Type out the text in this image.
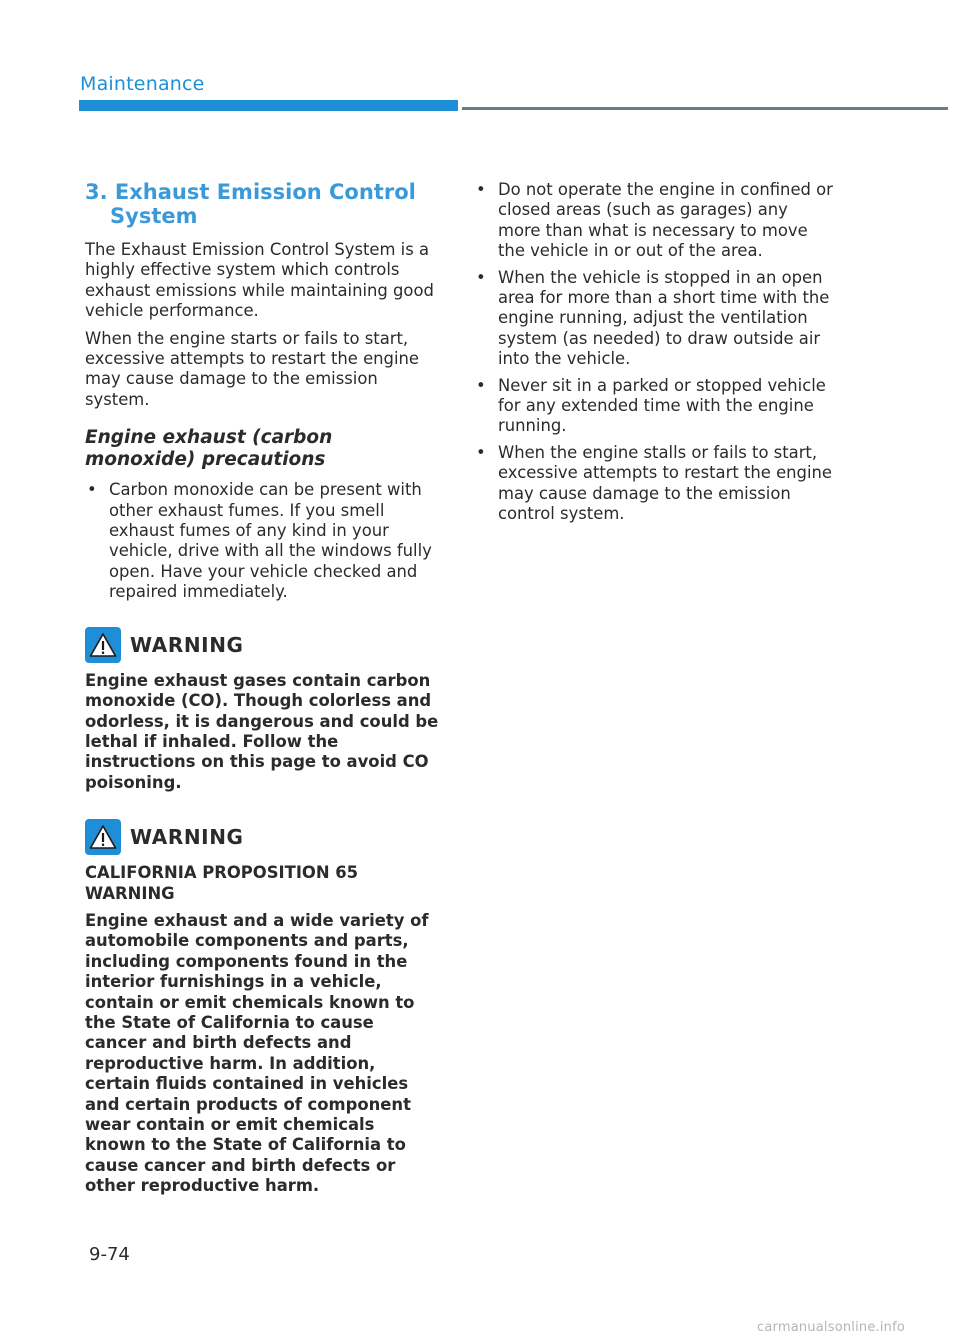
Maintenance
3. Exhaust Emission Control System

The Exhaust Emission Control System is a highly effective system which controls exhaust emissions while maintaining good vehicle performance.

When the engine starts or fails to start, excessive attempts to restart the engine may cause damage to the emission system.

Engine exhaust (carbon monoxide) precautions
• Carbon monoxide can be present with other exhaust fumes. If you smell exhaust fumes of any kind in your vehicle, drive with all the windows fully open. Have your vehicle checked and repaired immediately.
WARNING

Engine exhaust gases contain carbon monoxide (CO). Though colorless and odorless, it is dangerous and could be lethal if inhaled. Follow the instructions on this page to avoid CO poisoning.

WARNING

CALIFORNIA PROPOSITION 65 WARNING

Engine exhaust and a wide variety of automobile components and parts, including components found in the interior furnishings in a vehicle, contain or emit chemicals known to the State of California to cause cancer and birth defects and reproductive harm. In addition, certain fluids contained in vehicles and certain products of component wear contain or emit chemicals known to the State of California to cause cancer and birth defects or other reproductive harm.

• Do not operate the engine in confined or closed areas (such as garages) any more than what is necessary to move the vehicle in or out of the area.
• When the vehicle is stopped in an open area for more than a short time with the engine running, adjust the ventilation system (as needed) to draw outside air into the vehicle.
• Never sit in a parked or stopped vehicle for any extended time with the engine running.
• When the engine stalls or fails to start, excessive attempts to restart the engine may cause damage to the emission control system.
9-74
carmanualsonline.info
